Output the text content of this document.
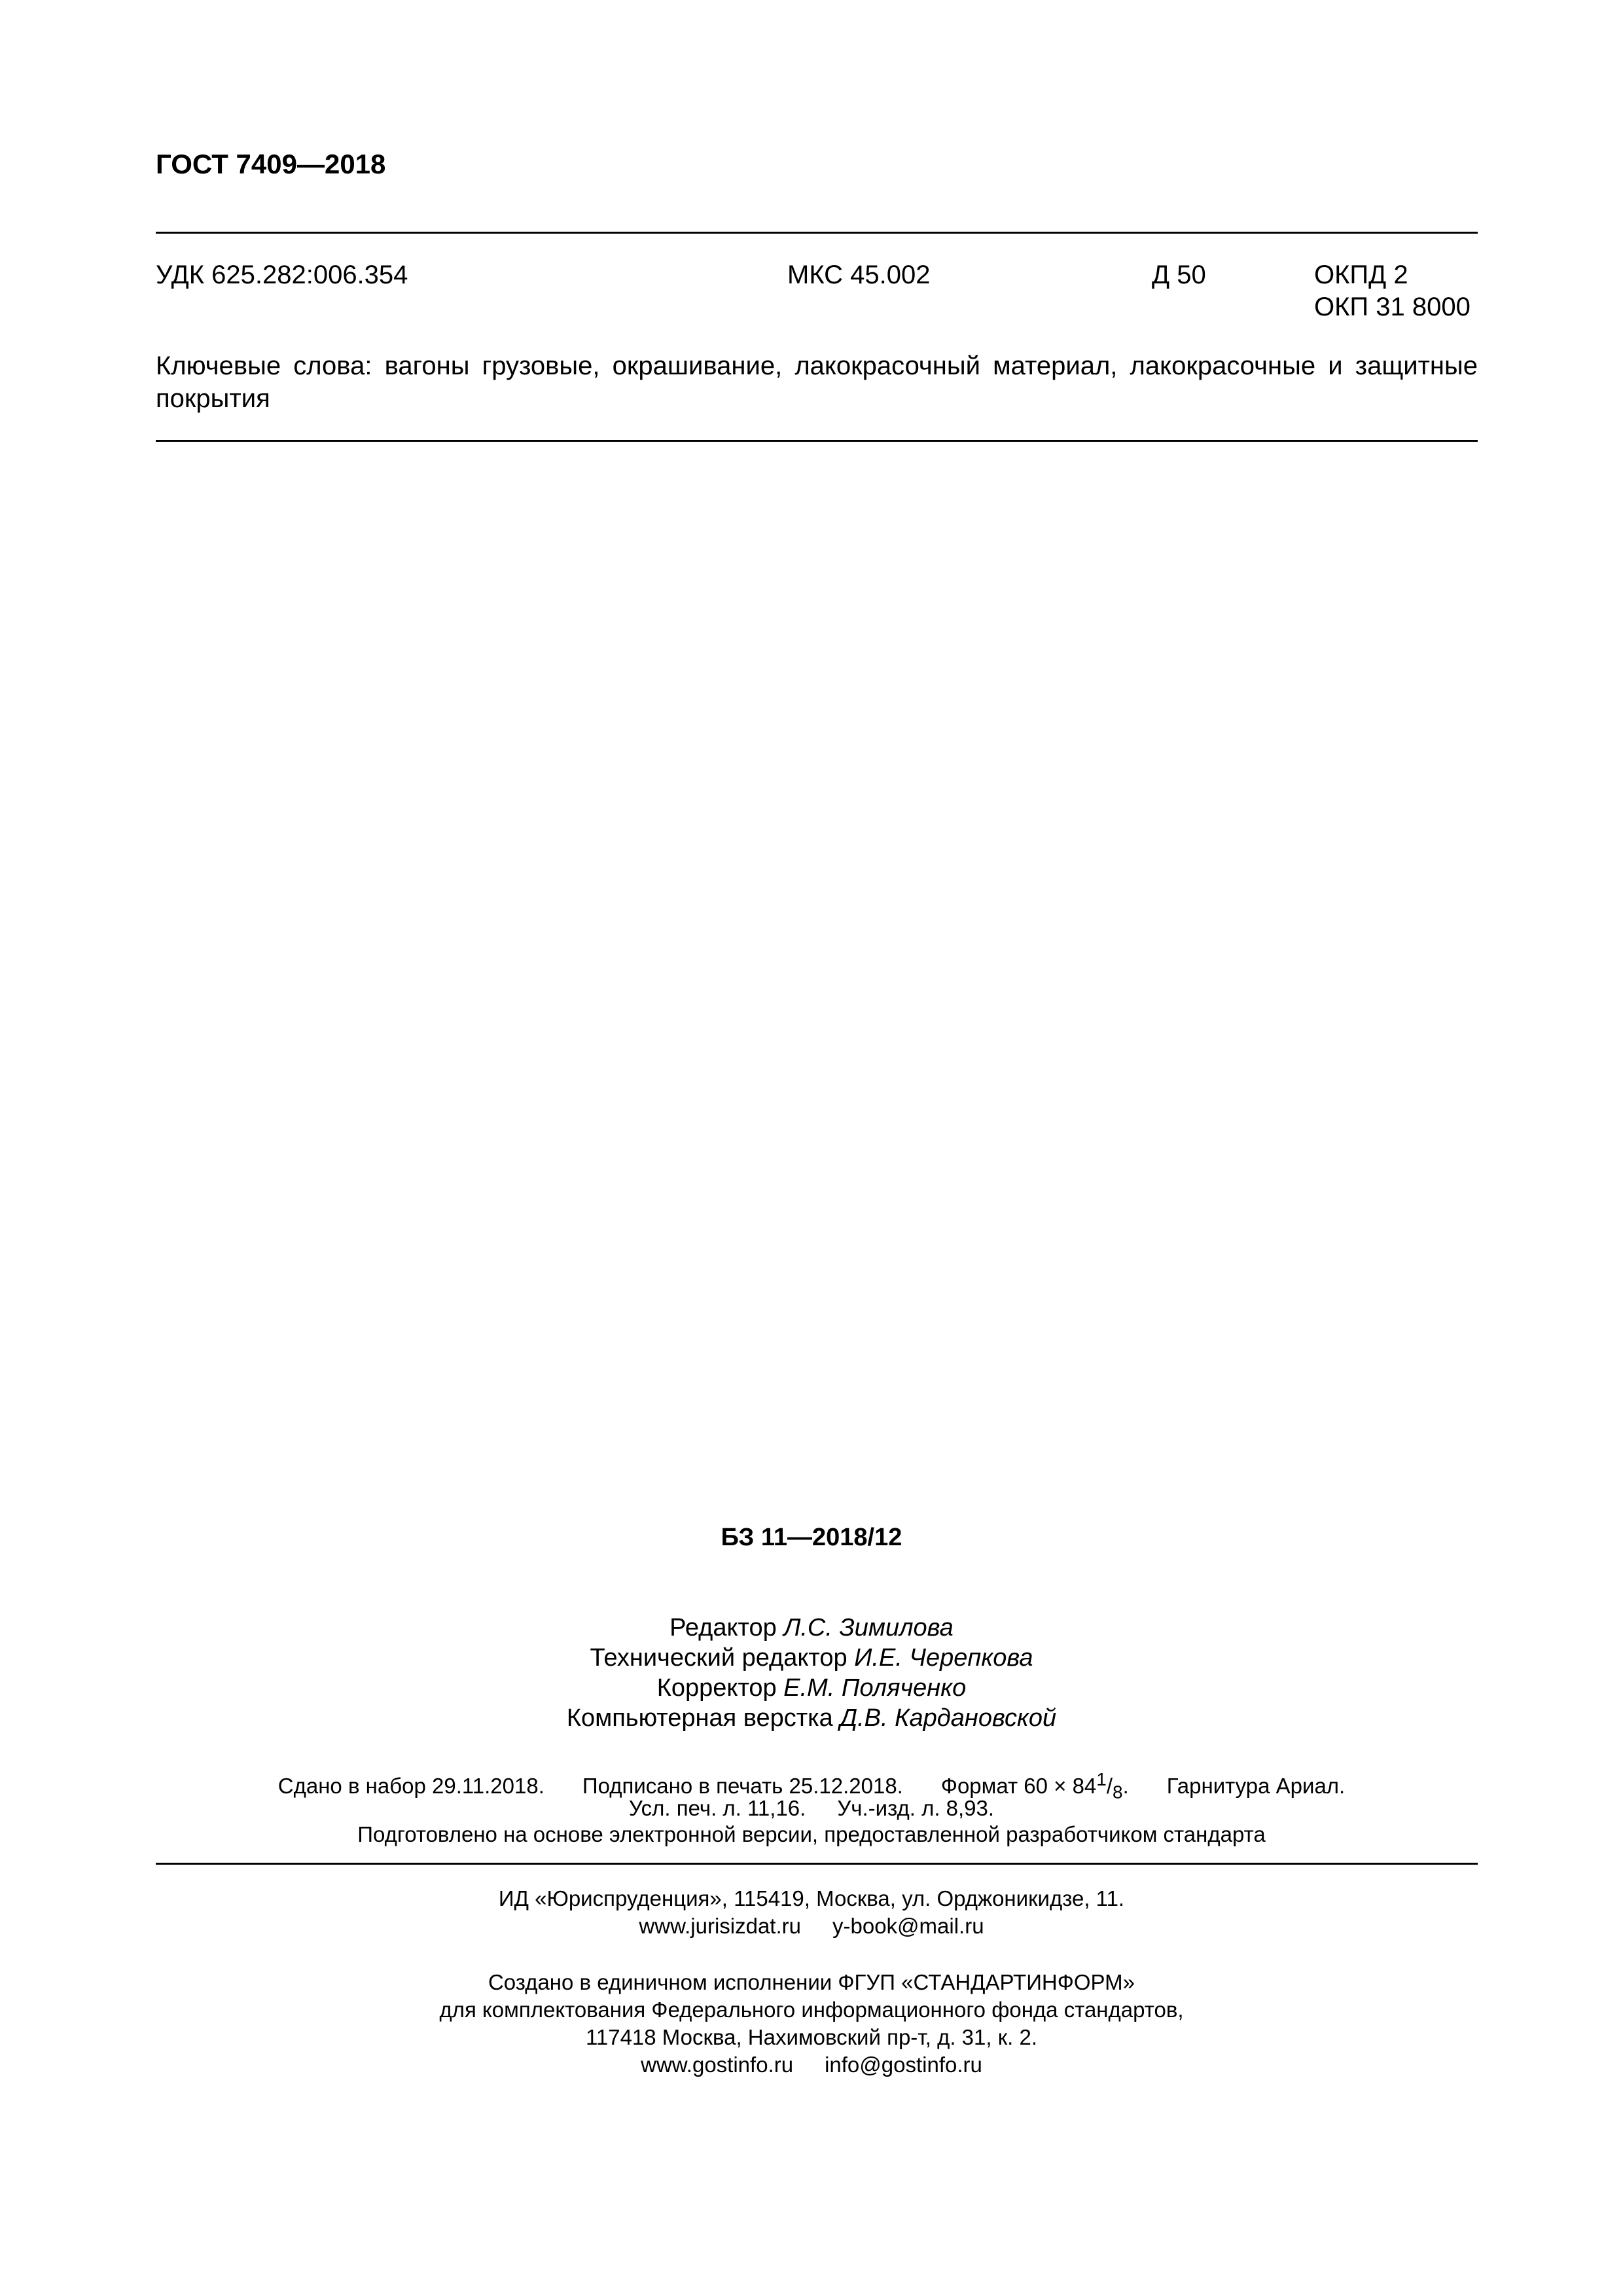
ГОСТ 7409—2018
УДК 625.282:006.354	МКС 45.002	Д 50	ОКПД 2
ОКП 31 8000
Ключевые слова: вагоны грузовые, окрашивание, лакокрасочный материал, лакокрасочные и защитные
покрытия
БЗ 11—2018/12
Редактор Л.С. Зимилова
Технический редактор И.Е. Черепкова
Корректор Е.М. Поляченко
Компьютерная верстка Д.В. Кардановской
Сдано в набор 29.11.2018. Подписано в печать 25.12.2018. Формат $60 \times 84^1/_8$. Гарнитура Ариал.
Усл. печ. л. 11,16. Уч.-изд. л. 8,93.
Подготовлено на основе электронной версии, предоставленной разработчиком стандарта
ИД «Юриспруденция», 115419, Москва, ул. Орджоникидзе, 11.
www.jurisizdat.ru y-book@mail.ru
Создано в единичном исполнении ФГУП «СТАНДАРТИНФОРМ»
для комплектования Федерального информационного фонда стандартов,
117418 Москва, Нахимовский пр-т, д. 31, к. 2.
www.gostinfo.ru info@gostinfo.ru
